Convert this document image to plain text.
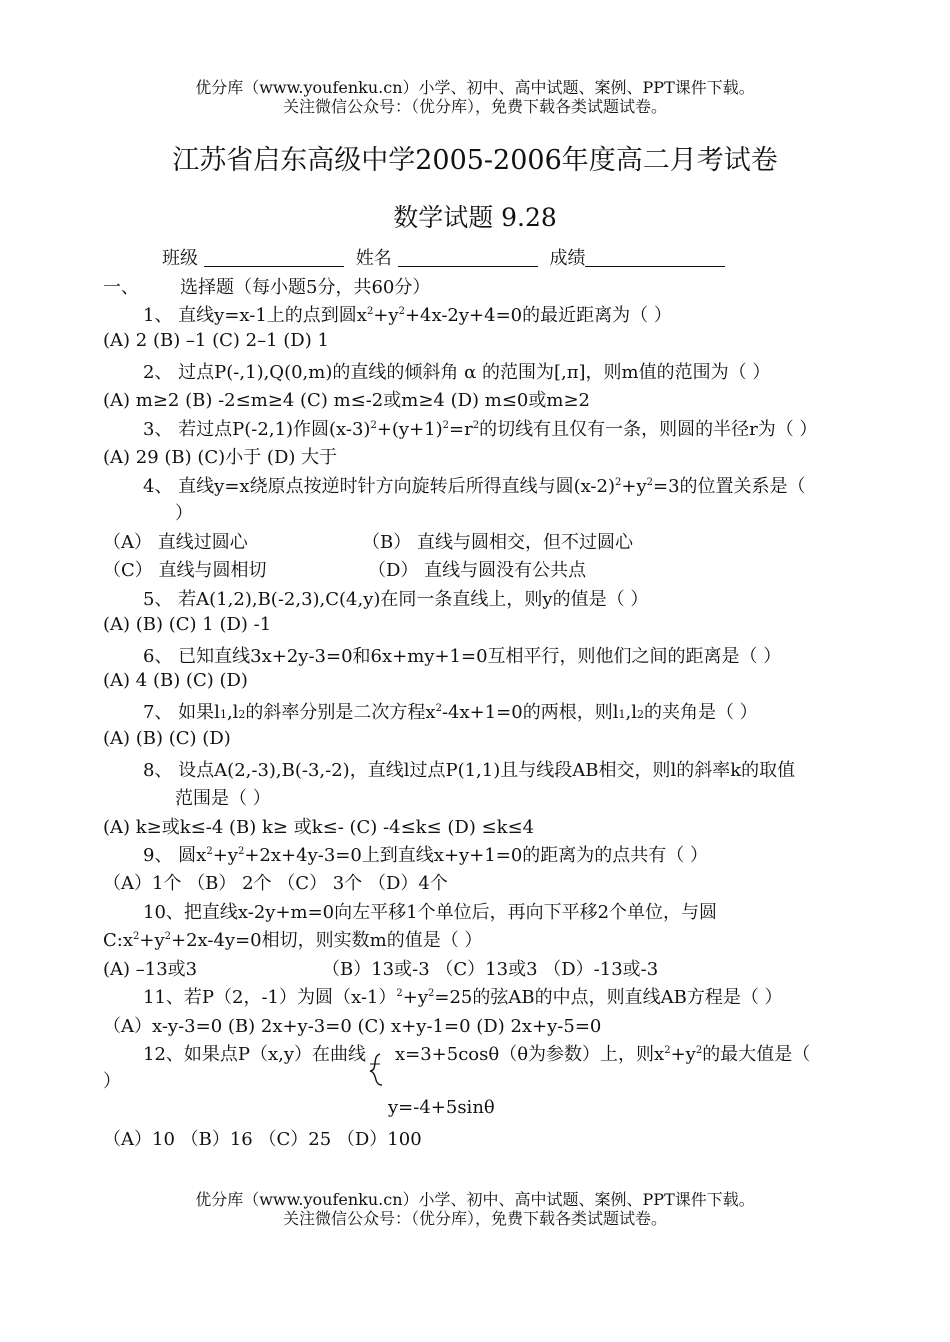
优分库（www.youfenku.cn）小学、初中、高中试题、案例、PPT课件下载。
关注微信公众号：（优分库），免费下载各类试题试卷。
江苏省启东高级中学2005-2006年度高二月考试卷
数学试题 9.28
班级	姓名	成绩
一、 选择题（每小题5分，共60分）
1、 直线y=x-1上的点到圆$x^2+y^2+4x-2y+4=0$的最近距离为（ ）
(A) 2 (B) –1 (C) 2–1 (D) 1
2、 过点P(-,1),Q(0,m)的直线的倾斜角 α 的范围为[,π]，则m值的范围为（ ）
(A) m≥2 (B) -2≤m≥4 (C) m≤-2或m≥4 (D) m≤0或m≥2
3、 若过点P(-2,1)作圆$(x-3)^2+(y+1)^2=r^2$的切线有且仅有一条，则圆的半径r为（ ）
(A) 29 (B) (C)小于 (D) 大于
4、 直线y=x绕原点按逆时针方向旋转后所得直线与圆$(x-2)^2+y^2=3$的位置关系是（
）
（A） 直线过圆心	（B） 直线与圆相交，但不过圆心
（C） 直线与圆相切	（D） 直线与圆没有公共点
5、 若A(1,2),B(-2,3),C(4,y)在同一条直线上，则y的值是（ ）
(A) (B) (C) 1 (D) -1
6、 已知直线3x+2y-3=0和6x+my+1=0互相平行，则他们之间的距离是（ ）
(A) 4 (B) (C) (D)
7、 如果l1,l2的斜率分别是二次方程$x^2-4x+1=0$的两根，则l1,l2的夹角是（ ）
(A) (B) (C) (D)
8、 设点A(2,-3),B(-3,-2)，直线l过点P(1,1)且与线段AB相交，则l的斜率k的取值
范围是（ ）
(A) k≥或k≤-4 (B) k≥ 或k≤- (C) -4≤k≤ (D) ≤k≤4
9、 圆$x^2+y^2+2x+4y-3=0$上到直线x+y+1=0的距离为的点共有（ ）
（A）1个 （B） 2个 （C） 3个 （D）4个
10、把直线x-2y+m=0向左平移1个单位后，再向下平移2个单位，与圆
$C:x^2+y^2+2x-4y=0$相切，则实数m的值是（ ）
(A) –13或3	（B）13或-3 （C）13或3 （D）-13或-3
11、若P（2，-1）为圆$(x-1)^2+y^2=25$的弦AB的中点，则直线AB方程是（ ）
（A）x-y-3=0 (B) 2x+y-3=0 (C) x+y-1=0 (D) 2x+y-5=0
12、如果点P（x,y）在曲线 x=3+5cosθ（θ为参数）上，则$x^2+y^2$的最大值是（
）
y=-4+5sinθ
（A）10 （B）16 （C）25 （D）100
优分库（www.youfenku.cn）小学、初中、高中试题、案例、PPT课件下载。
关注微信公众号：（优分库），免费下载各类试题试卷。
